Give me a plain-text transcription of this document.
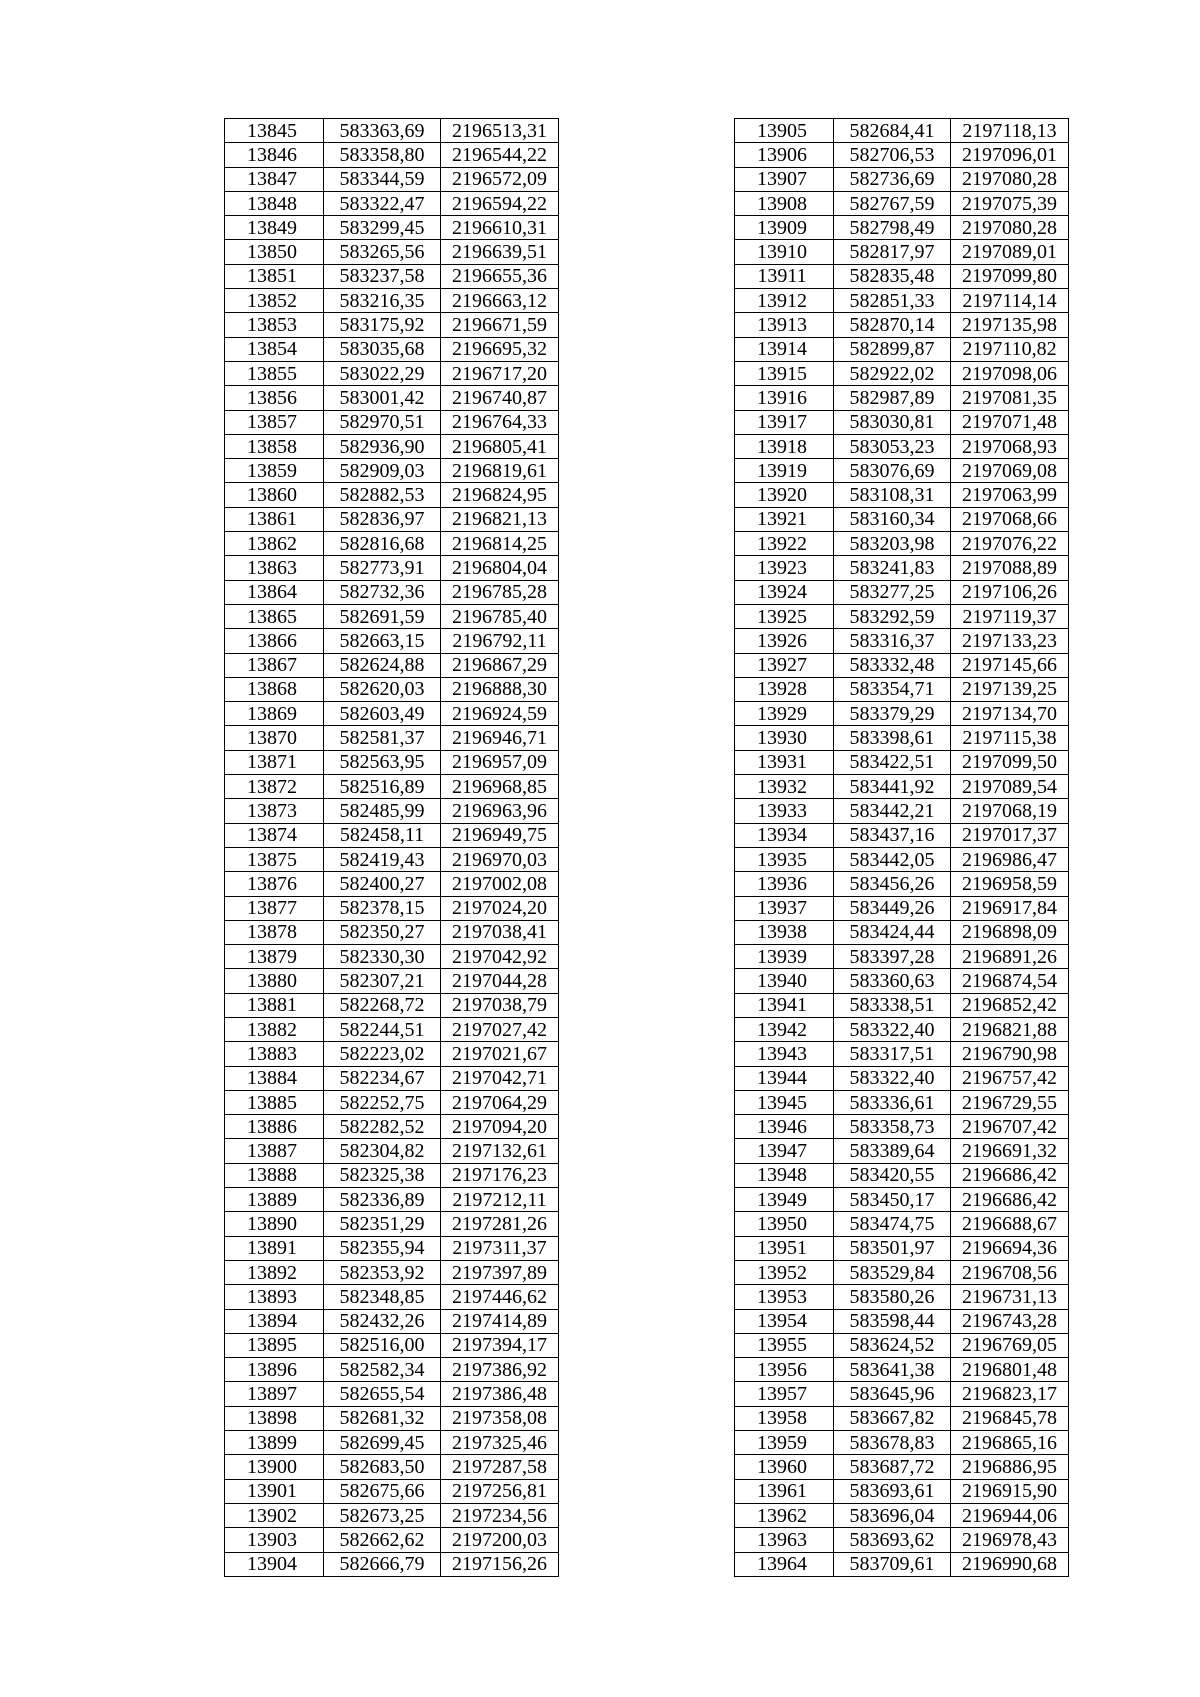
13845	583363,69	2196513,31
13846	583358,80	2196544,22
13847	583344,59	2196572,09
13848	583322,47	2196594,22
13849	583299,45	2196610,31
13850	583265,56	2196639,51
13851	583237,58	2196655,36
13852	583216,35	2196663,12
13853	583175,92	2196671,59
13854	583035,68	2196695,32
13855	583022,29	2196717,20
13856	583001,42	2196740,87
13857	582970,51	2196764,33
13858	582936,90	2196805,41
13859	582909,03	2196819,61
13860	582882,53	2196824,95
13861	582836,97	2196821,13
13862	582816,68	2196814,25
13863	582773,91	2196804,04
13864	582732,36	2196785,28
13865	582691,59	2196785,40
13866	582663,15	2196792,11
13867	582624,88	2196867,29
13868	582620,03	2196888,30
13869	582603,49	2196924,59
13870	582581,37	2196946,71
13871	582563,95	2196957,09
13872	582516,89	2196968,85
13873	582485,99	2196963,96
13874	582458,11	2196949,75
13875	582419,43	2196970,03
13876	582400,27	2197002,08
13877	582378,15	2197024,20
13878	582350,27	2197038,41
13879	582330,30	2197042,92
13880	582307,21	2197044,28
13881	582268,72	2197038,79
13882	582244,51	2197027,42
13883	582223,02	2197021,67
13884	582234,67	2197042,71
13885	582252,75	2197064,29
13886	582282,52	2197094,20
13887	582304,82	2197132,61
13888	582325,38	2197176,23
13889	582336,89	2197212,11
13890	582351,29	2197281,26
13891	582355,94	2197311,37
13892	582353,92	2197397,89
13893	582348,85	2197446,62
13894	582432,26	2197414,89
13895	582516,00	2197394,17
13896	582582,34	2197386,92
13897	582655,54	2197386,48
13898	582681,32	2197358,08
13899	582699,45	2197325,46
13900	582683,50	2197287,58
13901	582675,66	2197256,81
13902	582673,25	2197234,56
13903	582662,62	2197200,03
13904	582666,79	2197156,26
13905	582684,41	2197118,13
13906	582706,53	2197096,01
13907	582736,69	2197080,28
13908	582767,59	2197075,39
13909	582798,49	2197080,28
13910	582817,97	2197089,01
13911	582835,48	2197099,80
13912	582851,33	2197114,14
13913	582870,14	2197135,98
13914	582899,87	2197110,82
13915	582922,02	2197098,06
13916	582987,89	2197081,35
13917	583030,81	2197071,48
13918	583053,23	2197068,93
13919	583076,69	2197069,08
13920	583108,31	2197063,99
13921	583160,34	2197068,66
13922	583203,98	2197076,22
13923	583241,83	2197088,89
13924	583277,25	2197106,26
13925	583292,59	2197119,37
13926	583316,37	2197133,23
13927	583332,48	2197145,66
13928	583354,71	2197139,25
13929	583379,29	2197134,70
13930	583398,61	2197115,38
13931	583422,51	2197099,50
13932	583441,92	2197089,54
13933	583442,21	2197068,19
13934	583437,16	2197017,37
13935	583442,05	2196986,47
13936	583456,26	2196958,59
13937	583449,26	2196917,84
13938	583424,44	2196898,09
13939	583397,28	2196891,26
13940	583360,63	2196874,54
13941	583338,51	2196852,42
13942	583322,40	2196821,88
13943	583317,51	2196790,98
13944	583322,40	2196757,42
13945	583336,61	2196729,55
13946	583358,73	2196707,42
13947	583389,64	2196691,32
13948	583420,55	2196686,42
13949	583450,17	2196686,42
13950	583474,75	2196688,67
13951	583501,97	2196694,36
13952	583529,84	2196708,56
13953	583580,26	2196731,13
13954	583598,44	2196743,28
13955	583624,52	2196769,05
13956	583641,38	2196801,48
13957	583645,96	2196823,17
13958	583667,82	2196845,78
13959	583678,83	2196865,16
13960	583687,72	2196886,95
13961	583693,61	2196915,90
13962	583696,04	2196944,06
13963	583693,62	2196978,43
13964	583709,61	2196990,68
